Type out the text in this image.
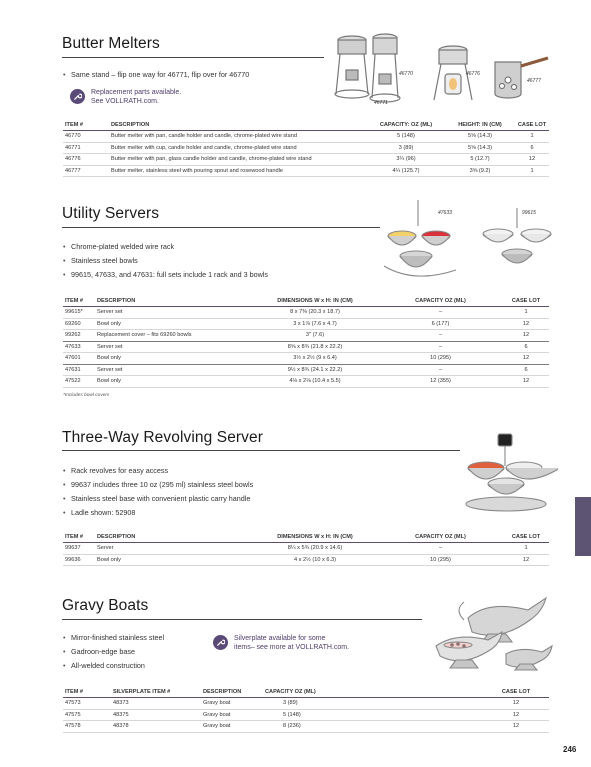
Butter Melters
• Same stand – flip one way for 46771, flip over for 46770
Replacement parts available.
See VOLLRATH.com.
46770
46771
46776
46777
ITEM #	DESCRIPTION	CAPACITY: OZ (ML)	HEIGHT: IN (CM)	CASE LOT
46770	Butter melter with pan, candle holder and candle, chrome-plated wire stand	5 (148)	5⅝ (14.3)	1
46771	Butter melter with cup, candle holder and candle, chrome-plated wire stand	3 (89)	5⅝ (14.3)	6
46776	Butter melter with pan, glass candle holder and candle, chrome-plated wire stand	3¼ (96)	5 (12.7)	12
46777	Butter melter, stainless steel with pouring spout and rosewood handle	4¼ (125.7)	3⅝ (9.2)	1
Utility Servers
• Chrome-plated welded wire rack
• Stainless steel bowls
• 99615, 47633, and 47631: full sets include 1 rack and 3 bowls
47633	99615
ITEM #	DESCRIPTION	DIMENSIONS W x H: IN (CM)	CAPACITY OZ (ML)	CASE LOT
99615*	Server set	8 x 7⅜ (20.3 x 18.7)	–	1
69260	Bowl only	3 x 1⅞ (7.6 x 4.7)	6 (177)	12
99262	Replacement cover – fits 69260 bowls	3" (7.6)	–	12
47633	Server set	8⅝ x 8¾ (21.8 x 22.2)	–	6
47601	Bowl only	3½ x 2½ (9 x 6.4)	10 (295)	12
47631	Server set	9½ x 8¾ (24.1 x 22.2)	–	6
47522	Bowl only	4⅛ x 2⅛ (10.4 x 5.5)	12 (355)	12
*Includes bowl covers
Three-Way Revolving Server
• Rack revolves for easy access
• 99637 includes three 10 oz (295 ml) stainless steel bowls
• Stainless steel base with convenient plastic carry handle
• Ladle shown: 52908
ITEM #	DESCRIPTION	DIMENSIONS W x H: IN (CM)	CAPACITY OZ (ML)	CASE LOT
99637	Server	8¼ x 5¾ (20.9 x 14.6)	–	1
99636	Bowl only	4 x 2½ (10 x 6.3)	10 (295)	12
Gravy Boats
• Mirror-finished stainless steel
• Gadroon-edge base
• All-welded construction
Silverplate available for some
items– see more at VOLLRATH.com.
ITEM #	SILVERPLATE ITEM #	DESCRIPTION	CAPACITY OZ (ML)	CASE LOT
47573	48373	Gravy boat	3 (89)	12
47575	48375	Gravy boat	5 (148)	12
47578	48378	Gravy boat	8 (236)	12
246
